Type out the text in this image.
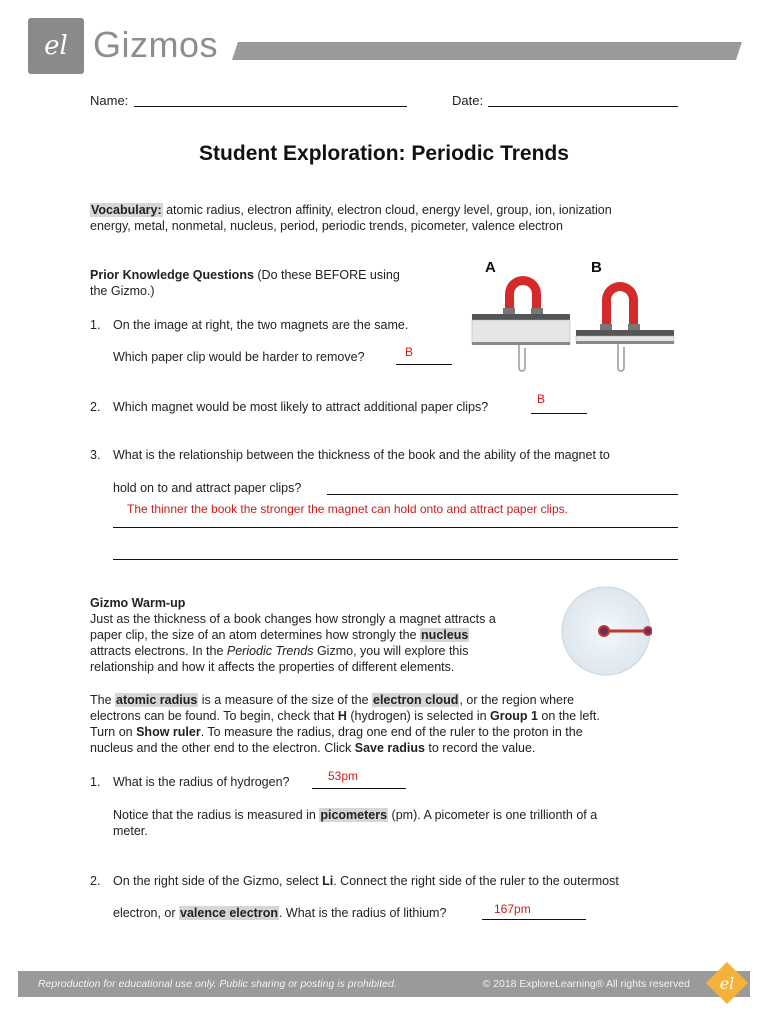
el Gizmos
Name:	Date:
Student Exploration: Periodic Trends
Vocabulary: atomic radius, electron affinity, electron cloud, energy level, group, ion, ionization
energy, metal, nonmetal, nucleus, period, periodic trends, picometer, valence electron
Prior Knowledge Questions (Do these BEFORE using
the Gizmo.)
A	B
1. On the image at right, the two magnets are the same.
Which paper clip would be harder to remove?	B
2. Which magnet would be most likely to attract additional paper clips?
B
3. What is the relationship between the thickness of the book and the ability of the magnet to
hold on to and attract paper clips?
The thinner the book the stronger the magnet can hold onto and attract paper clips.
Gizmo Warm-up
Just as the thickness of a book changes how strongly a magnet attracts a
paper clip, the size of an atom determines how strongly the nucleus
attracts electrons. In the Periodic Trends Gizmo, you will explore this
relationship and how it affects the properties of different elements.
The atomic radius is a measure of the size of the electron cloud, or the region where
electrons can be found. To begin, check that H (hydrogen) is selected in Group 1 on the left.
Turn on Show ruler. To measure the radius, drag one end of the ruler to the proton in the
nucleus and the other end to the electron. Click Save radius to record the value.
1. What is the radius of hydrogen?	53pm
Notice that the radius is measured in picometers (pm). A picometer is one trillionth of a
meter.
2. On the right side of the Gizmo, select Li. Connect the right side of the ruler to the outermost
electron, or valence electron. What is the radius of lithium?	167pm
Reproduction for educational use only. Public sharing or posting is prohibited.	© 2018 ExploreLearning® All rights reserved el
